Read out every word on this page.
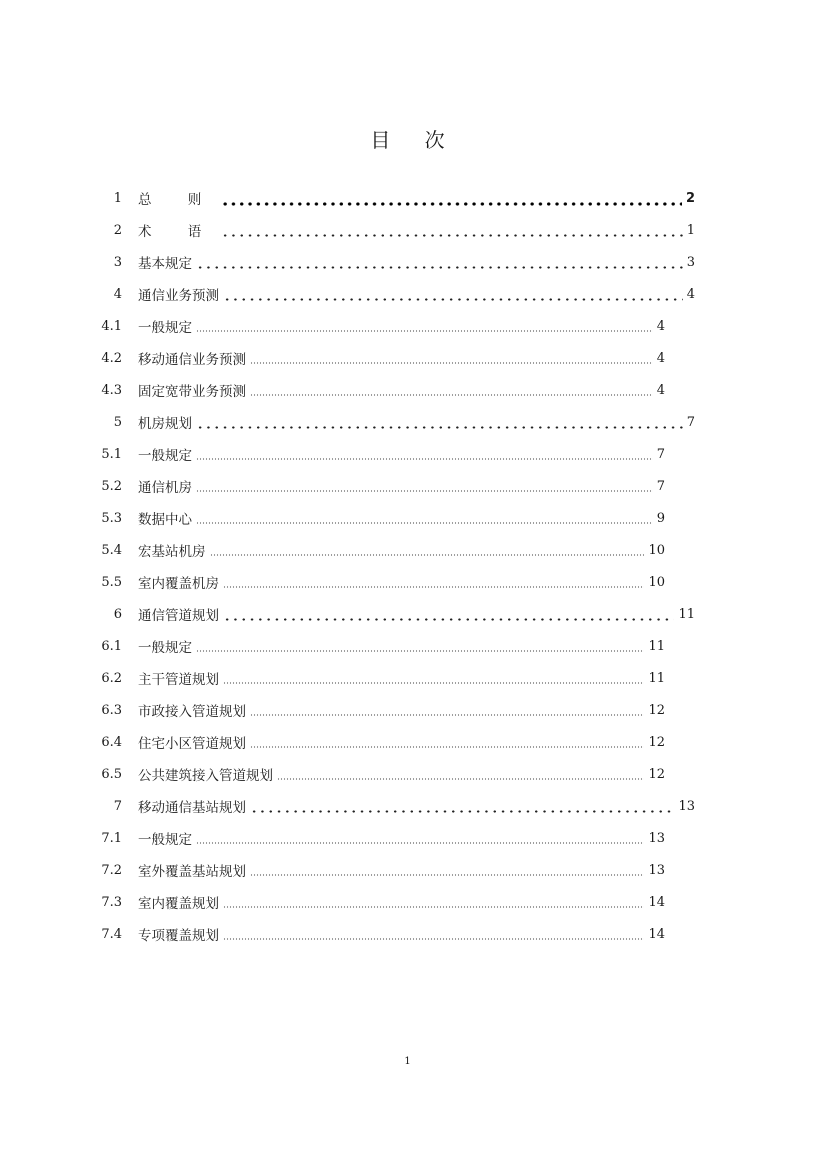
目 次
1	总 则	2
2	术 语	1
3	基本规定	3
4	通信业务预测	4
4.1	一般规定	4
4.2	移动通信业务预测	4
4.3	固定宽带业务预测	4
5	机房规划	7
5.1	一般规定	7
5.2	通信机房	7
5.3	数据中心	9
5.4	宏基站机房	10
5.5	室内覆盖机房	10
6	通信管道规划	11
6.1	一般规定	11
6.2	主干管道规划	11
6.3	市政接入管道规划	12
6.4	住宅小区管道规划	12
6.5	公共建筑接入管道规划	12
7	移动通信基站规划	13
7.1	一般规定	13
7.2	室外覆盖基站规划	13
7.3	室内覆盖规划	14
7.4	专项覆盖规划	14
1
